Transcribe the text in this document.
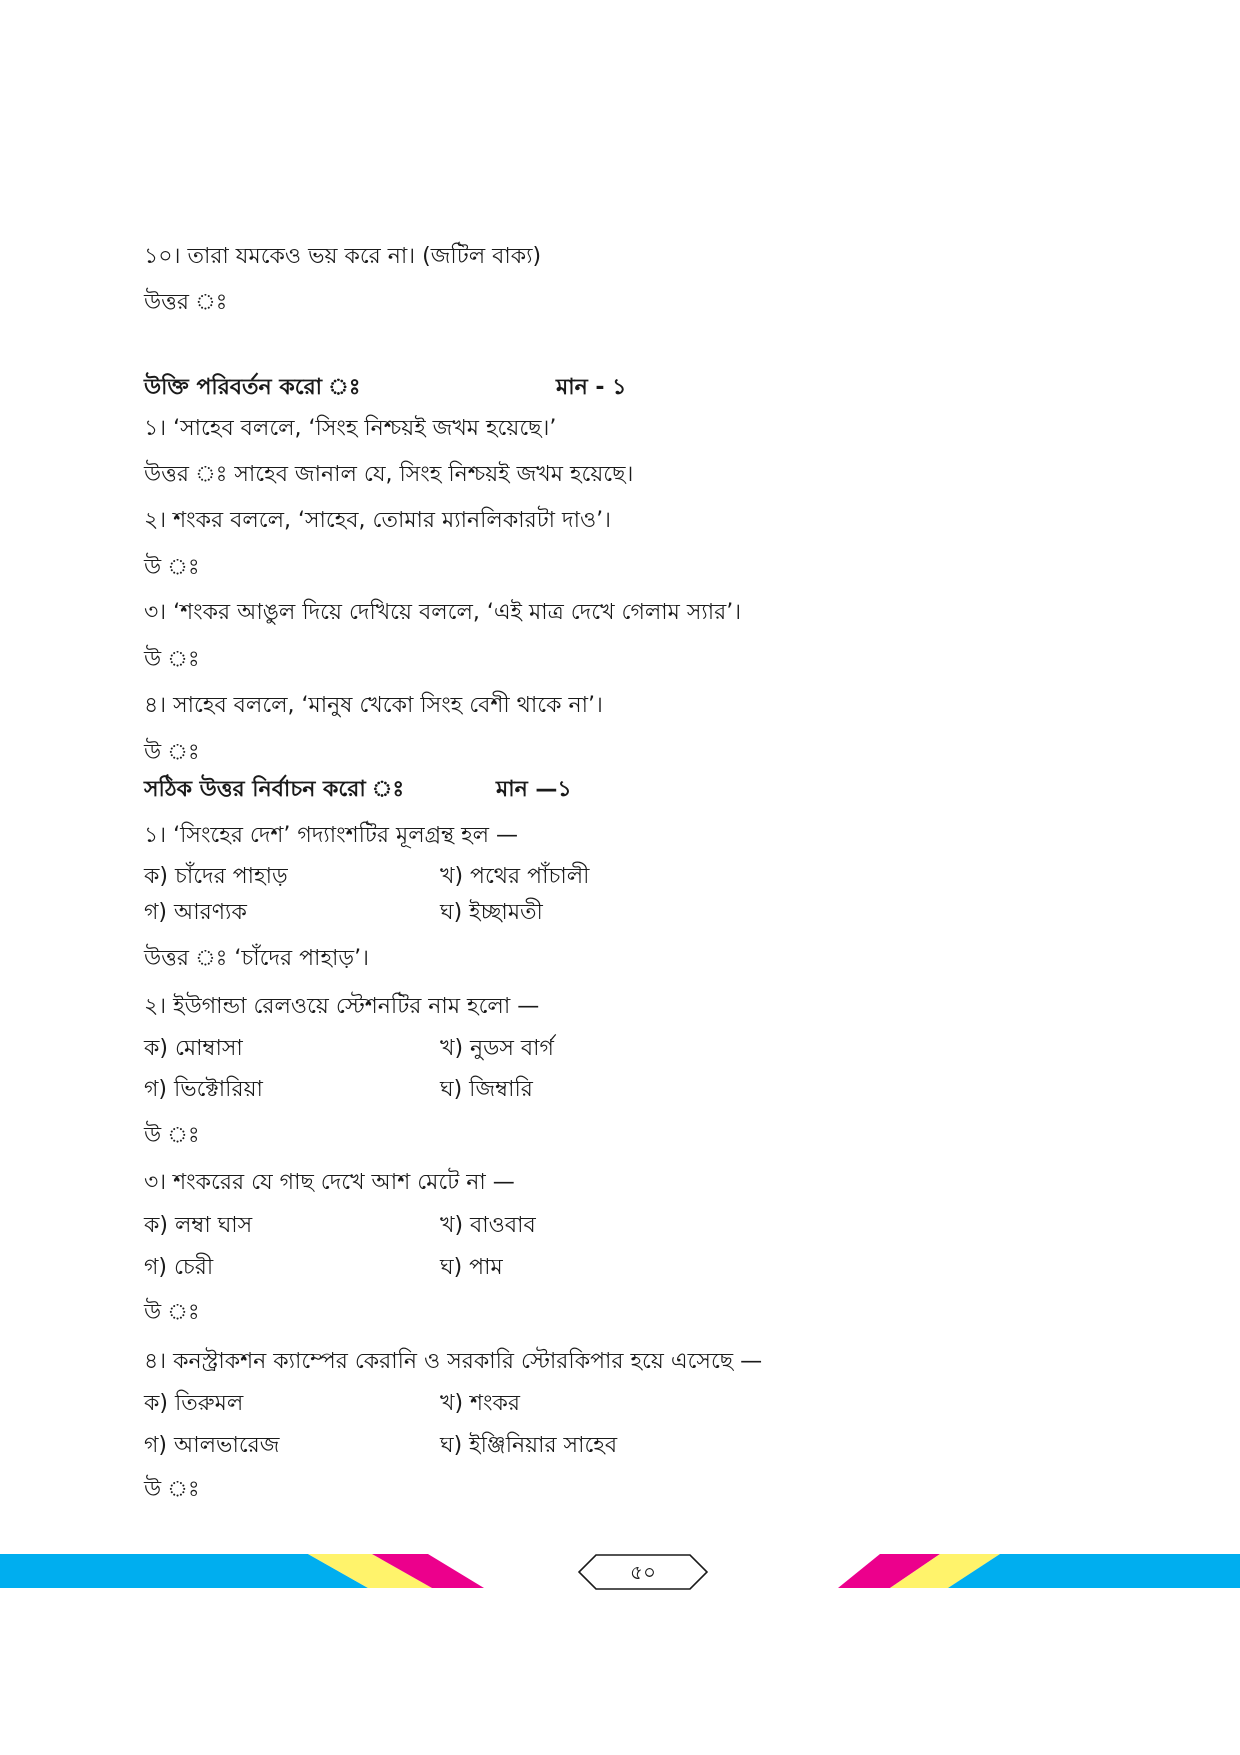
১০। তারা যমকেও ভয় করে না। (জটিল বাক্য)
উত্তর ঃ
উক্তি পরিবর্তন করো ঃ	মান - ১
১। ‘সাহেব বললে, ‘সিংহ নিশ্চয়ই জখম হয়েছে।’
উত্তর ঃ সাহেব জানাল যে, সিংহ নিশ্চয়ই জখম হয়েছে।
২। শংকর বললে, ‘সাহেব, তোমার ম্যানলিকারটা দাও’।
উ ঃ
৩। ‘শংকর আঙুল দিয়ে দেখিয়ে বললে, ‘এই মাত্র দেখে গেলাম স্যার’।
উ ঃ
৪। সাহেব বললে, ‘মানুষ খেকো সিংহ বেশী থাকে না’।
উ ঃ
সঠিক উত্তর নির্বাচন করো ঃ	মান —১
১। ‘সিংহের দেশ’ গদ্যাংশটির মূলগ্রন্থ হল —
ক) চাঁদের পাহাড়	খ) পথের পাঁচালী
গ) আরণ্যক	ঘ) ইচ্ছামতী
উত্তর ঃ ‘চাঁদের পাহাড়’।
২। ইউগান্ডা রেলওয়ে স্টেশনটির নাম হলো —
ক) মোম্বাসা	খ) নুডস বার্গ
গ) ভিক্টোরিয়া	ঘ) জিম্বারি
উ ঃ
৩। শংকরের যে গাছ দেখে আশ মেটে না —
ক) লম্বা ঘাস	খ) বাওবাব
গ) চেরী	ঘ) পাম
উ ঃ
৪। কনস্ট্রাকশন ক্যাম্পের কেরানি ও সরকারি স্টোরকিপার হয়ে এসেছে —
ক) তিরুমল	খ) শংকর
গ) আলভারেজ	ঘ) ইঞ্জিনিয়ার সাহেব
উ ঃ
৫০
